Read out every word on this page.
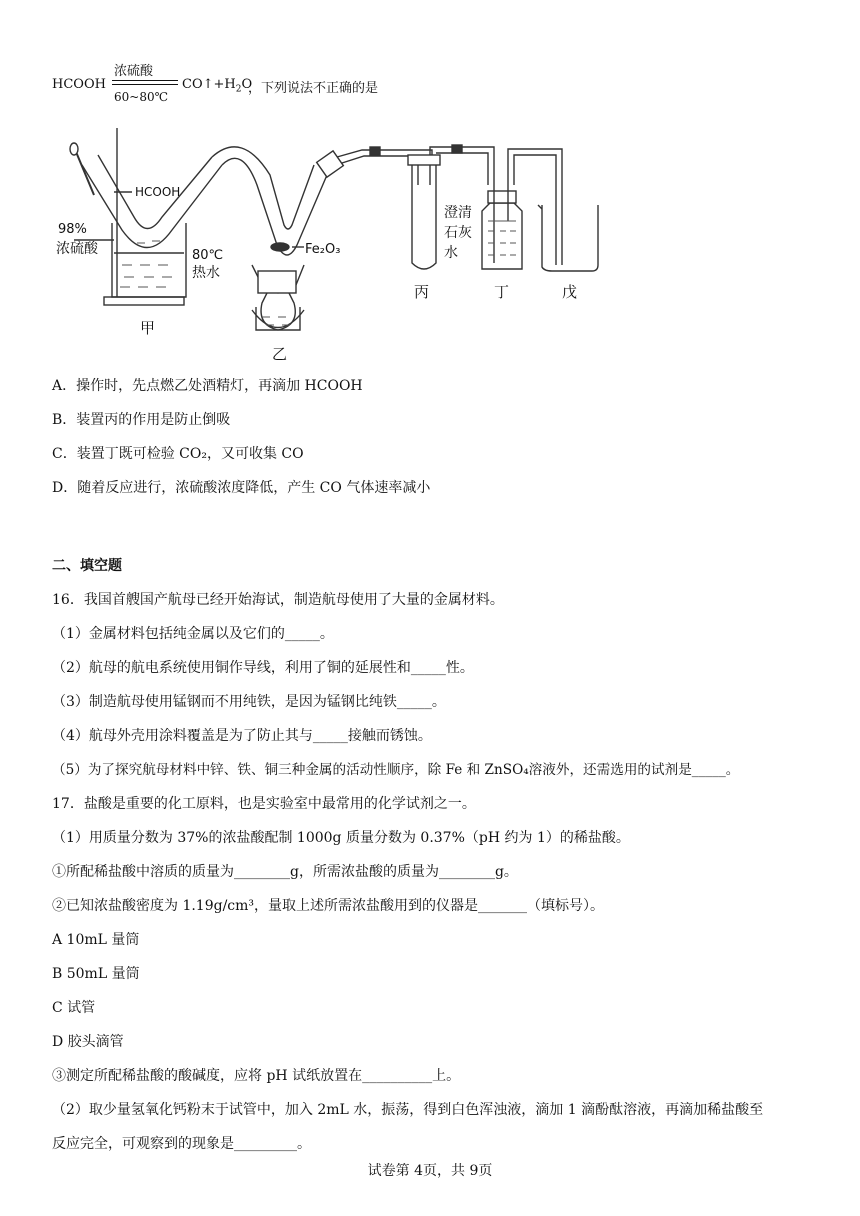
HCOOH
浓硫酸
60~80℃
$CO↑+H_2O$
，下列说法不正确的是
HCOOH
98%
浓硫酸	80℃
热水
Fe₂O₃
澄 清
石 灰
水
甲
乙
丙	丁	戊
A．操作时，先点燃乙处酒精灯，再滴加 HCOOH
B．装置丙的作用是防止倒吸
C．装置丁既可检验 CO₂，又可收集 CO
D．随着反应进行，浓硫酸浓度降低，产生 CO 气体速率减小
二、填空题
16．我国首艘国产航母已经开始海试，制造航母使用了大量的金属材料。
（1）金属材料包括纯金属以及它们的_____。
（2）航母的航电系统使用铜作导线，利用了铜的延展性和_____性。
（3）制造航母使用锰钢而不用纯铁，是因为锰钢比纯铁_____。
（4）航母外壳用涂料覆盖是为了防止其与_____接触而锈蚀。
（5）为了探究航母材料中锌、铁、铜三种金属的活动性顺序，除 Fe 和 ZnSO₄溶液外，还需选用的试剂是_____。
17．盐酸是重要的化工原料，也是实验室中最常用的化学试剂之一。
（1）用质量分数为 37%的浓盐酸配制 1000g 质量分数为 0.37%（pH 约为 1）的稀盐酸。
①所配稀盐酸中溶质的质量为________g，所需浓盐酸的质量为________g。
②已知浓盐酸密度为 1.19g/cm³，量取上述所需浓盐酸用到的仪器是_______（填标号）。
A 10mL 量筒
B 50mL 量筒
C 试管
D 胶头滴管
③测定所配稀盐酸的酸碱度，应将 pH 试纸放置在__________上。
（2）取少量氢氧化钙粉末于试管中，加入 2mL 水，振荡，得到白色浑浊液，滴加 1 滴酚酞溶液，再滴加稀盐酸至
反应完全，可观察到的现象是_________。
试卷第 4页，共 9页
